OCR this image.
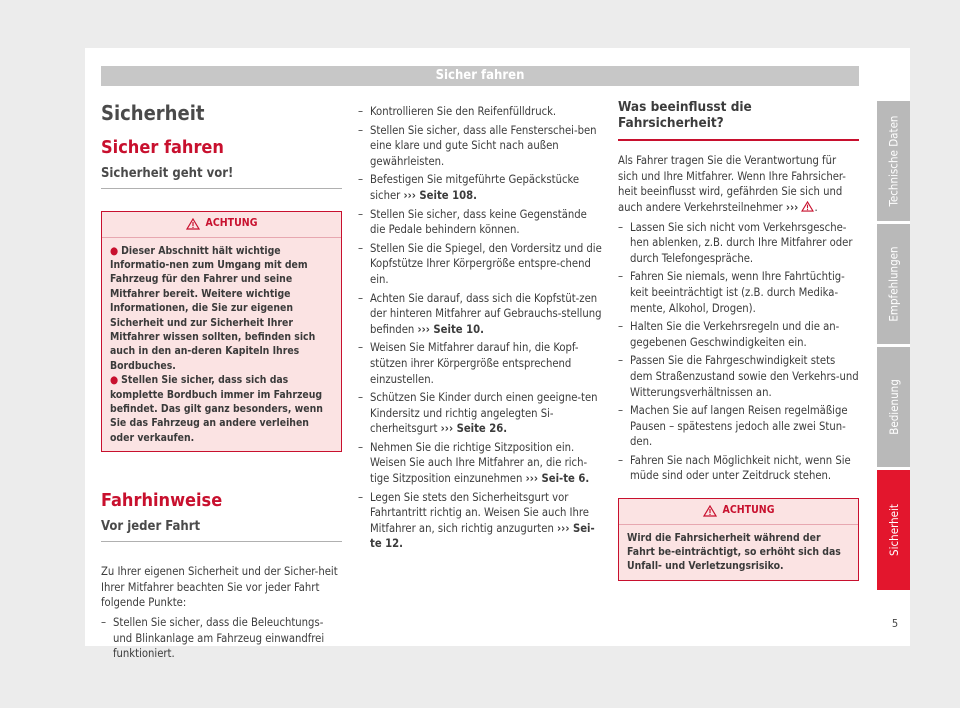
Sicher fahren
Sicherheit
Sicher fahren
Sicherheit geht vor!
ACHTUNG
● Dieser Abschnitt hält wichtige Informatio-nen zum Umgang mit dem Fahrzeug für den Fahrer und seine Mitfahrer bereit. Weitere wichtige Informationen, die Sie zur eigenen Sicherheit und zur Sicherheit Ihrer Mitfahrer wissen sollten, befinden sich auch in den an-deren Kapiteln Ihres Bordbuches.
● Stellen Sie sicher, dass sich das komplette Bordbuch immer im Fahrzeug befindet. Das gilt ganz besonders, wenn Sie das Fahrzeug an andere verleihen oder verkaufen.
Fahrhinweise
Vor jeder Fahrt
Zu Ihrer eigenen Sicherheit und der Sicher-heit Ihrer Mitfahrer beachten Sie vor jeder Fahrt folgende Punkte:
– Stellen Sie sicher, dass die Beleuchtungs-und Blinkanlage am Fahrzeug einwandfrei funktioniert.
– Kontrollieren Sie den Reifenfülldruck.
– Stellen Sie sicher, dass alle Fensterschei-ben eine klare und gute Sicht nach außen gewährleisten.
– Befestigen Sie mitgeführte Gepäckstücke sicher ››› Seite 108.
– Stellen Sie sicher, dass keine Gegenstände die Pedale behindern können.
– Stellen Sie die Spiegel, den Vordersitz und die Kopfstütze Ihrer Körpergröße entspre-chend ein.
– Achten Sie darauf, dass sich die Kopfstüt-zen der hinteren Mitfahrer auf Gebrauchs-stellung befinden ››› Seite 10.
– Weisen Sie Mitfahrer darauf hin, die Kopf-stützen ihrer Körpergröße entsprechend einzustellen.
– Schützen Sie Kinder durch einen geeigne-ten Kindersitz und richtig angelegten Si-cherheitsgurt ››› Seite 26.
– Nehmen Sie die richtige Sitzposition ein. Weisen Sie auch Ihre Mitfahrer an, die rich-tige Sitzposition einzunehmen ››› Sei-te 6.
– Legen Sie stets den Sicherheitsgurt vor Fahrtantritt richtig an. Weisen Sie auch Ihre Mitfahrer an, sich richtig anzugurten ››› Sei-te 12.
Was beeinflusst die Fahrsicherheit?
Als Fahrer tragen Sie die Verantwortung für sich und Ihre Mitfahrer. Wenn Ihre Fahrsicher-heit beeinflusst wird, gefährden Sie sich und auch andere Verkehrsteilnehmer ››› .
– Lassen Sie sich nicht vom Verkehrsgesche-hen ablenken, z.B. durch Ihre Mitfahrer oder durch Telefongespräche.
– Fahren Sie niemals, wenn Ihre Fahrtüchtig-keit beeinträchtigt ist (z.B. durch Medika-mente, Alkohol, Drogen).
– Halten Sie die Verkehrsregeln und die an-gegebenen Geschwindigkeiten ein.
– Passen Sie die Fahrgeschwindigkeit stets dem Straßenzustand sowie den Verkehrs-und Witterungsverhältnissen an.
– Machen Sie auf langen Reisen regelmäßige Pausen – spätestens jedoch alle zwei Stun-den.
– Fahren Sie nach Möglichkeit nicht, wenn Sie müde sind oder unter Zeitdruck stehen.
ACHTUNG
Wird die Fahrsicherheit während der Fahrt be-einträchtigt, so erhöht sich das Unfall- und Verletzungsrisiko.
Technische Daten
Empfehlungen
Bedienung
Sicherheit
5
